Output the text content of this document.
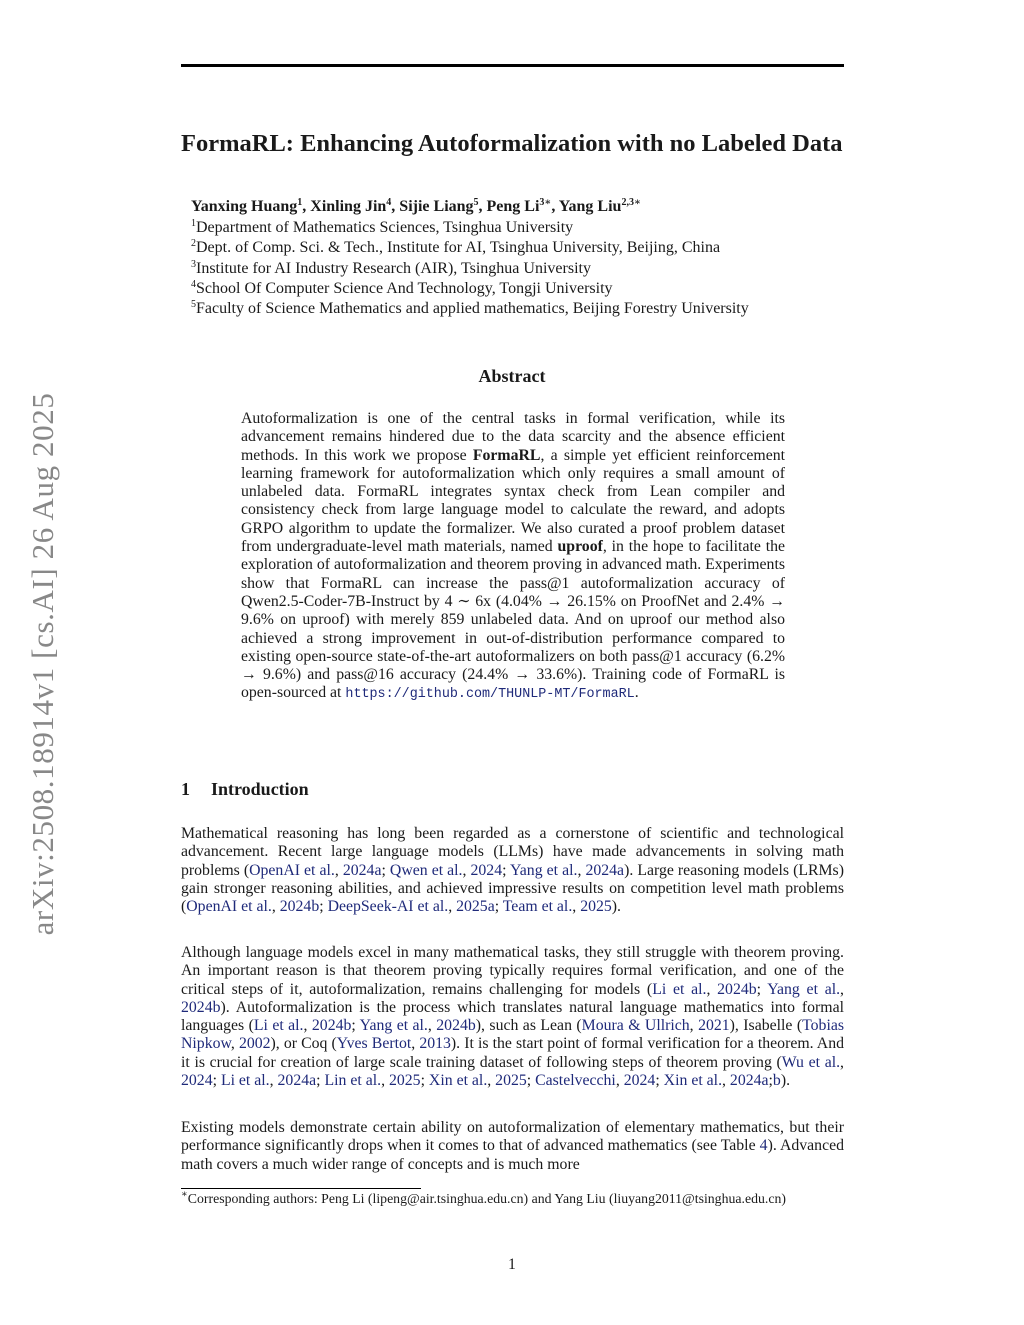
arXiv:2508.18914v1 [cs.AI] 26 Aug 2025
FormaRL: Enhancing Autoformalization with no Labeled Data
Yanxing Huang$^1$, Xinling Jin$^4$, Sijie Liang$^5$, Peng $Li^{3∗}$, Yang Liu$^{2,3∗}$
$^1$Department of Mathematics Sciences, Tsinghua University
$^2$Dept. of Comp. Sci. & Tech., Institute for AI, Tsinghua University, Beijing, China
$^3$Institute for AI Industry Research (AIR), Tsinghua University
$^4$School Of Computer Science And Technology, Tongji University
$^5$Faculty of Science Mathematics and applied mathematics, Beijing Forestry University
Abstract
Autoformalization is one of the central tasks in formal verification, while its advancement remains hindered due to the data scarcity and the absence efficient methods. In this work we propose FormaRL, a simple yet efficient reinforcement learning framework for autoformalization which only requires a small amount of unlabeled data. FormaRL integrates syntax check from Lean compiler and consistency check from large language model to calculate the reward, and adopts GRPO algorithm to update the formalizer. We also curated a proof problem dataset from undergraduate-level math materials, named uproof, in the hope to facilitate the exploration of autoformalization and theorem proving in advanced math. Experiments show that FormaRL can increase the pass@1 autoformalization accuracy of Qwen2.5-Coder-7B-Instruct by 4 ∼ 6x (4.04% → 26.15% on ProofNet and 2.4% → 9.6% on uproof) with merely 859 unlabeled data. And on uproof our method also achieved a strong improvement in out-of-distribution performance compared to existing open-source state-of-the-art autoformalizers on both pass@1 accuracy (6.2% → 9.6%) and pass@16 accuracy (24.4% → 33.6%). Training code of FormaRL is open-sourced at https://github.com/THUNLP-MT/FormaRL.
1 Introduction
Mathematical reasoning has long been regarded as a cornerstone of scientific and technological advancement. Recent large language models (LLMs) have made advancements in solving math problems (OpenAI et al., 2024a; Qwen et al., 2024; Yang et al., 2024a). Large reasoning models (LRMs) gain stronger reasoning abilities, and achieved impressive results on competition level math problems (OpenAI et al., 2024b; DeepSeek-AI et al., 2025a; Team et al., 2025).
Although language models excel in many mathematical tasks, they still struggle with theorem proving. An important reason is that theorem proving typically requires formal verification, and one of the critical steps of it, autoformalization, remains challenging for models (Li et al., 2024b; Yang et al., 2024b). Autoformalization is the process which translates natural language mathematics into formal languages (Li et al., 2024b; Yang et al., 2024b), such as Lean (Moura & Ullrich, 2021), Isabelle (Tobias Nipkow, 2002), or Coq (Yves Bertot, 2013). It is the start point of formal verification for a theorem. And it is crucial for creation of large scale training dataset of following steps of theorem proving (Wu et al., 2024; Li et al., 2024a; Lin et al., 2025; Xin et al., 2025; Castelvecchi, 2024; Xin et al., 2024a;b).
Existing models demonstrate certain ability on autoformalization of elementary mathematics, but their performance significantly drops when it comes to that of advanced mathematics (see Table 4). Advanced math covers a much wider range of concepts and is much more
∗Corresponding authors: Peng Li (lipeng@air.tsinghua.edu.cn) and Yang Liu (liuyang2011@tsinghua.edu.cn)
1
